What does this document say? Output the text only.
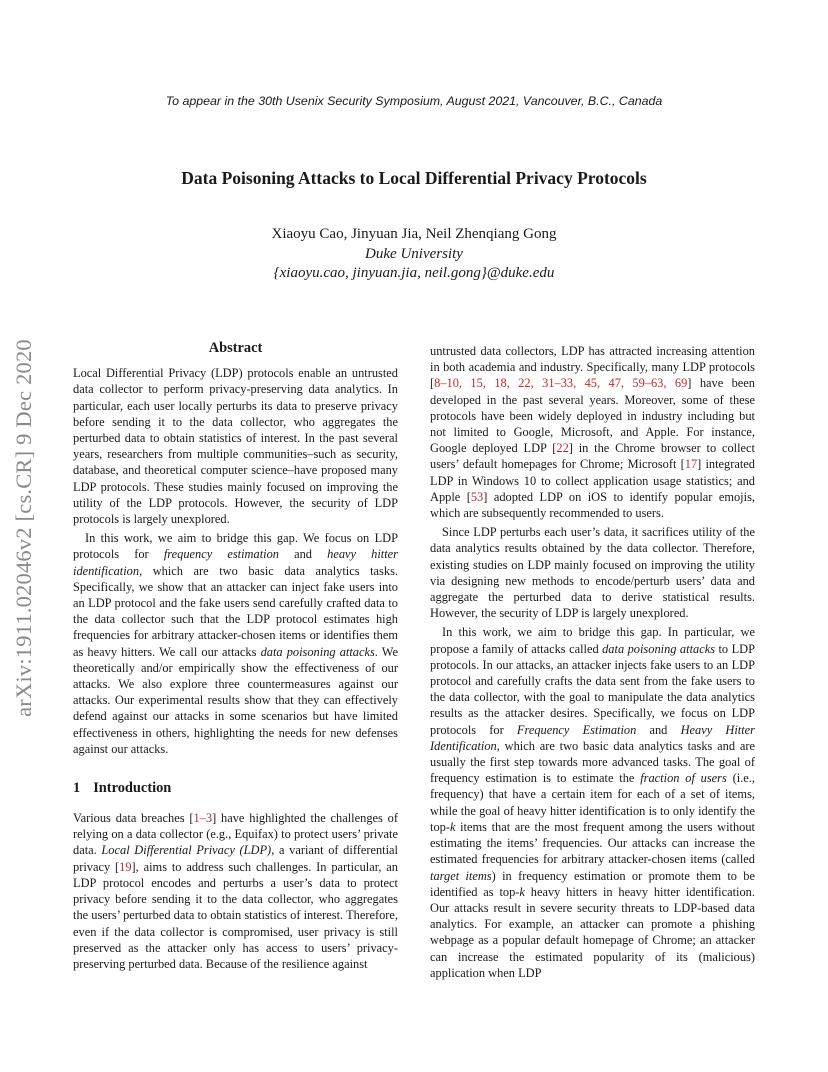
To appear in the 30th Usenix Security Symposium, August 2021, Vancouver, B.C., Canada
Data Poisoning Attacks to Local Differential Privacy Protocols
Xiaoyu Cao, Jinyuan Jia, Neil Zhenqiang Gong
Duke University
{xiaoyu.cao, jinyuan.jia, neil.gong}@duke.edu
arXiv:1911.02046v2 [cs.CR] 9 Dec 2020	Abstract

Local Differential Privacy (LDP) protocols enable an untrusted data collector to perform privacy-preserving data analytics. In particular, each user locally perturbs its data to preserve privacy before sending it to the data collector, who aggregates the perturbed data to obtain statistics of interest. In the past several years, researchers from multiple communities–such as security, database, and theoretical computer science–have proposed many LDP protocols. These studies mainly focused on improving the utility of the LDP protocols. However, the security of LDP protocols is largely unexplored.

In this work, we aim to bridge this gap. We focus on LDP protocols for frequency estimation and heavy hitter identification, which are two basic data analytics tasks. Specifically, we show that an attacker can inject fake users into an LDP protocol and the fake users send carefully crafted data to the data collector such that the LDP protocol estimates high frequencies for arbitrary attacker-chosen items or identifies them as heavy hitters. We call our attacks data poisoning attacks. We theoretically and/or empirically show the effectiveness of our attacks. We also explore three countermeasures against our attacks. Our experimental results show that they can effectively defend against our attacks in some scenarios but have limited effectiveness in others, highlighting the needs for new defenses against our attacks.

1 Introduction

Various data breaches [1–3] have highlighted the challenges of relying on a data collector (e.g., Equifax) to protect users’ private data. Local Differential Privacy (LDP), a variant of differential privacy [19], aims to address such challenges. In particular, an LDP protocol encodes and perturbs a user’s data to protect privacy before sending it to the data collector, who aggregates the users’ perturbed data to obtain statistics of interest. Therefore, even if the data collector is compromised, user privacy is still preserved as the attacker only has access to users’ privacy-preserving perturbed data. Because of the resilience against

untrusted data collectors, LDP has attracted increasing attention in both academia and industry. Specifically, many LDP protocols [8–10, 15, 18, 22, 31–33, 45, 47, 59–63, 69] have been developed in the past several years. Moreover, some of these protocols have been widely deployed in industry including but not limited to Google, Microsoft, and Apple. For instance, Google deployed LDP [22] in the Chrome browser to collect users’ default homepages for Chrome; Microsoft [17] integrated LDP in Windows 10 to collect application usage statistics; and Apple [53] adopted LDP on iOS to identify popular emojis, which are subsequently recommended to users.

Since LDP perturbs each user’s data, it sacrifices utility of the data analytics results obtained by the data collector. Therefore, existing studies on LDP mainly focused on improving the utility via designing new methods to encode/perturb users’ data and aggregate the perturbed data to derive statistical results. However, the security of LDP is largely unexplored.

In this work, we aim to bridge this gap. In particular, we propose a family of attacks called data poisoning attacks to LDP protocols. In our attacks, an attacker injects fake users to an LDP protocol and carefully crafts the data sent from the fake users to the data collector, with the goal to manipulate the data analytics results as the attacker desires. Specifically, we focus on LDP protocols for Frequency Estimation and Heavy Hitter Identification, which are two basic data analytics tasks and are usually the first step towards more advanced tasks. The goal of frequency estimation is to estimate the fraction of users (i.e., frequency) that have a certain item for each of a set of items, while the goal of heavy hitter identification is to only identify the top-k items that are the most frequent among the users without estimating the items’ frequencies. Our attacks can increase the estimated frequencies for arbitrary attacker-chosen items (called target items) in frequency estimation or promote them to be identified as top-k heavy hitters in heavy hitter identification. Our attacks result in severe security threats to LDP-based data analytics. For example, an attacker can promote a phishing webpage as a popular default homepage of Chrome; an attacker can increase the estimated popularity of its (malicious) application when LDP
